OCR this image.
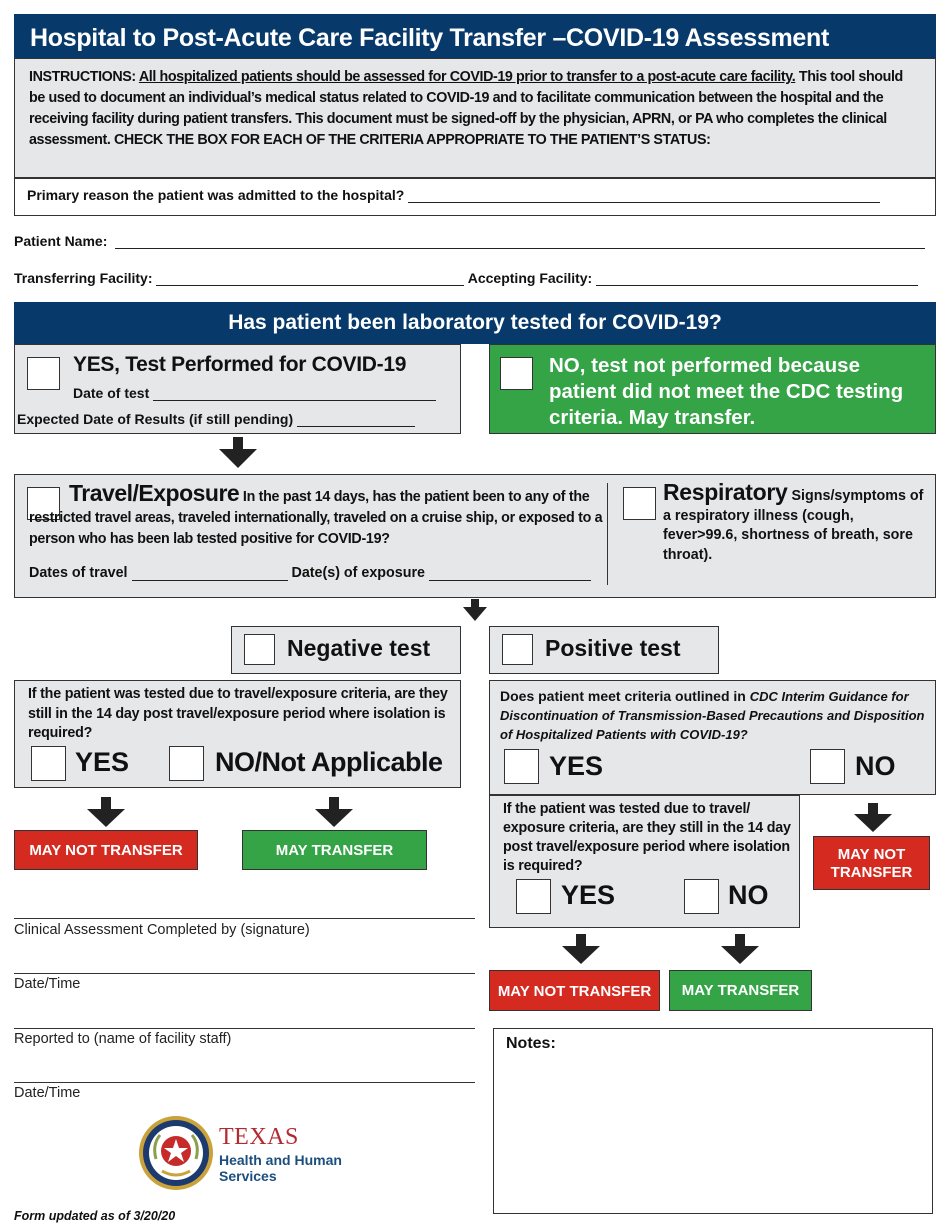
Hospital to Post-Acute Care Facility Transfer –COVID-19 Assessment
INSTRUCTIONS: All hospitalized patients should be assessed for COVID-19 prior to transfer to a post-acute care facility. This tool should be used to document an individual’s medical status related to COVID-19 and to facilitate communication between the hospital and the receiving facility during patient transfers. This document must be signed-off by the physician, APRN, or PA who completes the clinical assessment. CHECK THE BOX FOR EACH OF THE CRITERIA APPROPRIATE TO THE PATIENT’S STATUS:
Primary reason the patient was admitted to the hospital?
Patient Name:
Transferring Facility:	Accepting Facility:
Has patient been laboratory tested for COVID-19?
YES, Test Performed for COVID-19
Date of test
Expected Date of Results (if still pending)
NO, test not performed because patient did not meet the CDC testing criteria. May transfer.
Travel/Exposure In the past 14 days, has the patient been to any of the restricted travel areas, traveled internationally, traveled on a cruise ship, or exposed to a person who has been lab tested positive for COVID-19?
Dates of travel	Date(s) of exposure
Respiratory Signs/symptoms of a respiratory illness (cough, fever>99.6, shortness of breath, sore throat).
Negative test	Positive test
If the patient was tested due to travel/exposure criteria, are they still in the 14 day post travel/exposure period where isolation is required?
YES	NO/Not Applicable
MAY NOT TRANSFER	MAY TRANSFER
Does patient meet criteria outlined in CDC Interim Guidance for Discontinuation of Transmission-Based Precautions and Disposition of Hospitalized Patients with COVID-19?
YES	NO
MAY NOT TRANSFER
If the patient was tested due to travel/ exposure criteria, are they still in the 14 day post travel/exposure period where isolation is required?
YES	NO
MAY NOT TRANSFER	MAY TRANSFER
Clinical Assessment Completed by (signature)
Date/Time
Reported to (name of facility staff)
Date/Time
Notes:
TEXAS
Health and Human
Services
Form updated as of 3/20/20
